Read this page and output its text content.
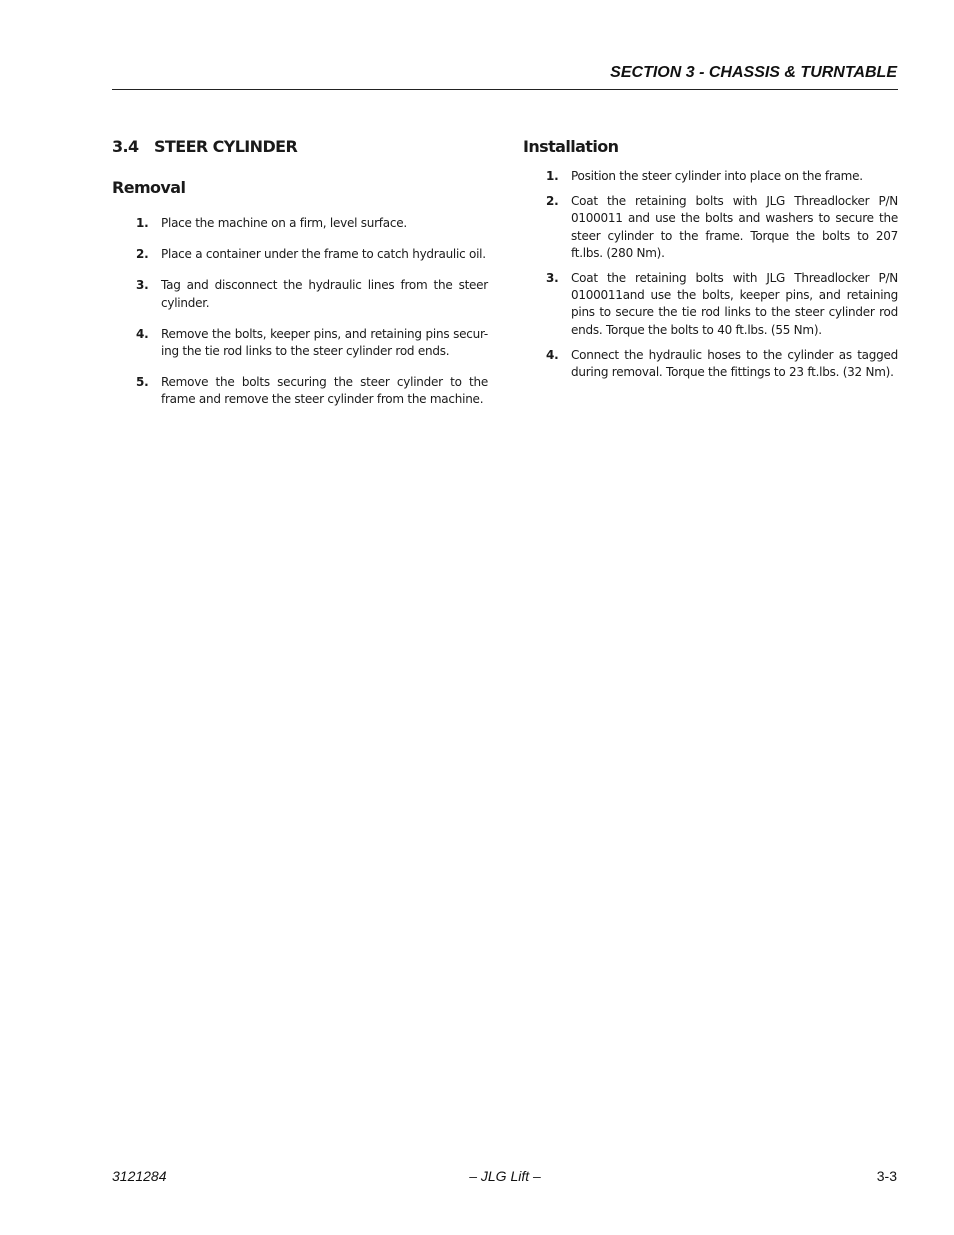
SECTION 3 - CHASSIS & TURNTABLE
3.4 STEER CYLINDER
Removal
1. Place the machine on a firm, level surface.
2. Place a container under the frame to catch hydraulic oil.
3. Tag and disconnect the hydraulic lines from the steer cylinder.
4. Remove the bolts, keeper pins, and retaining pins secur-ing the tie rod links to the steer cylinder rod ends.
5. Remove the bolts securing the steer cylinder to the frame and remove the steer cylinder from the machine.
Installation
1. Position the steer cylinder into place on the frame.
2. Coat the retaining bolts with JLG Threadlocker P/N 0100011 and use the bolts and washers to secure the steer cylinder to the frame. Torque the bolts to 207 ft.lbs. (280 Nm).
3. Coat the retaining bolts with JLG Threadlocker P/N 0100011and use the bolts, keeper pins, and retaining pins to secure the tie rod links to the steer cylinder rod ends. Torque the bolts to 40 ft.lbs. (55 Nm).
4. Connect the hydraulic hoses to the cylinder as tagged during removal. Torque the fittings to 23 ft.lbs. (32 Nm).
3121284	– JLG Lift –	3-3
